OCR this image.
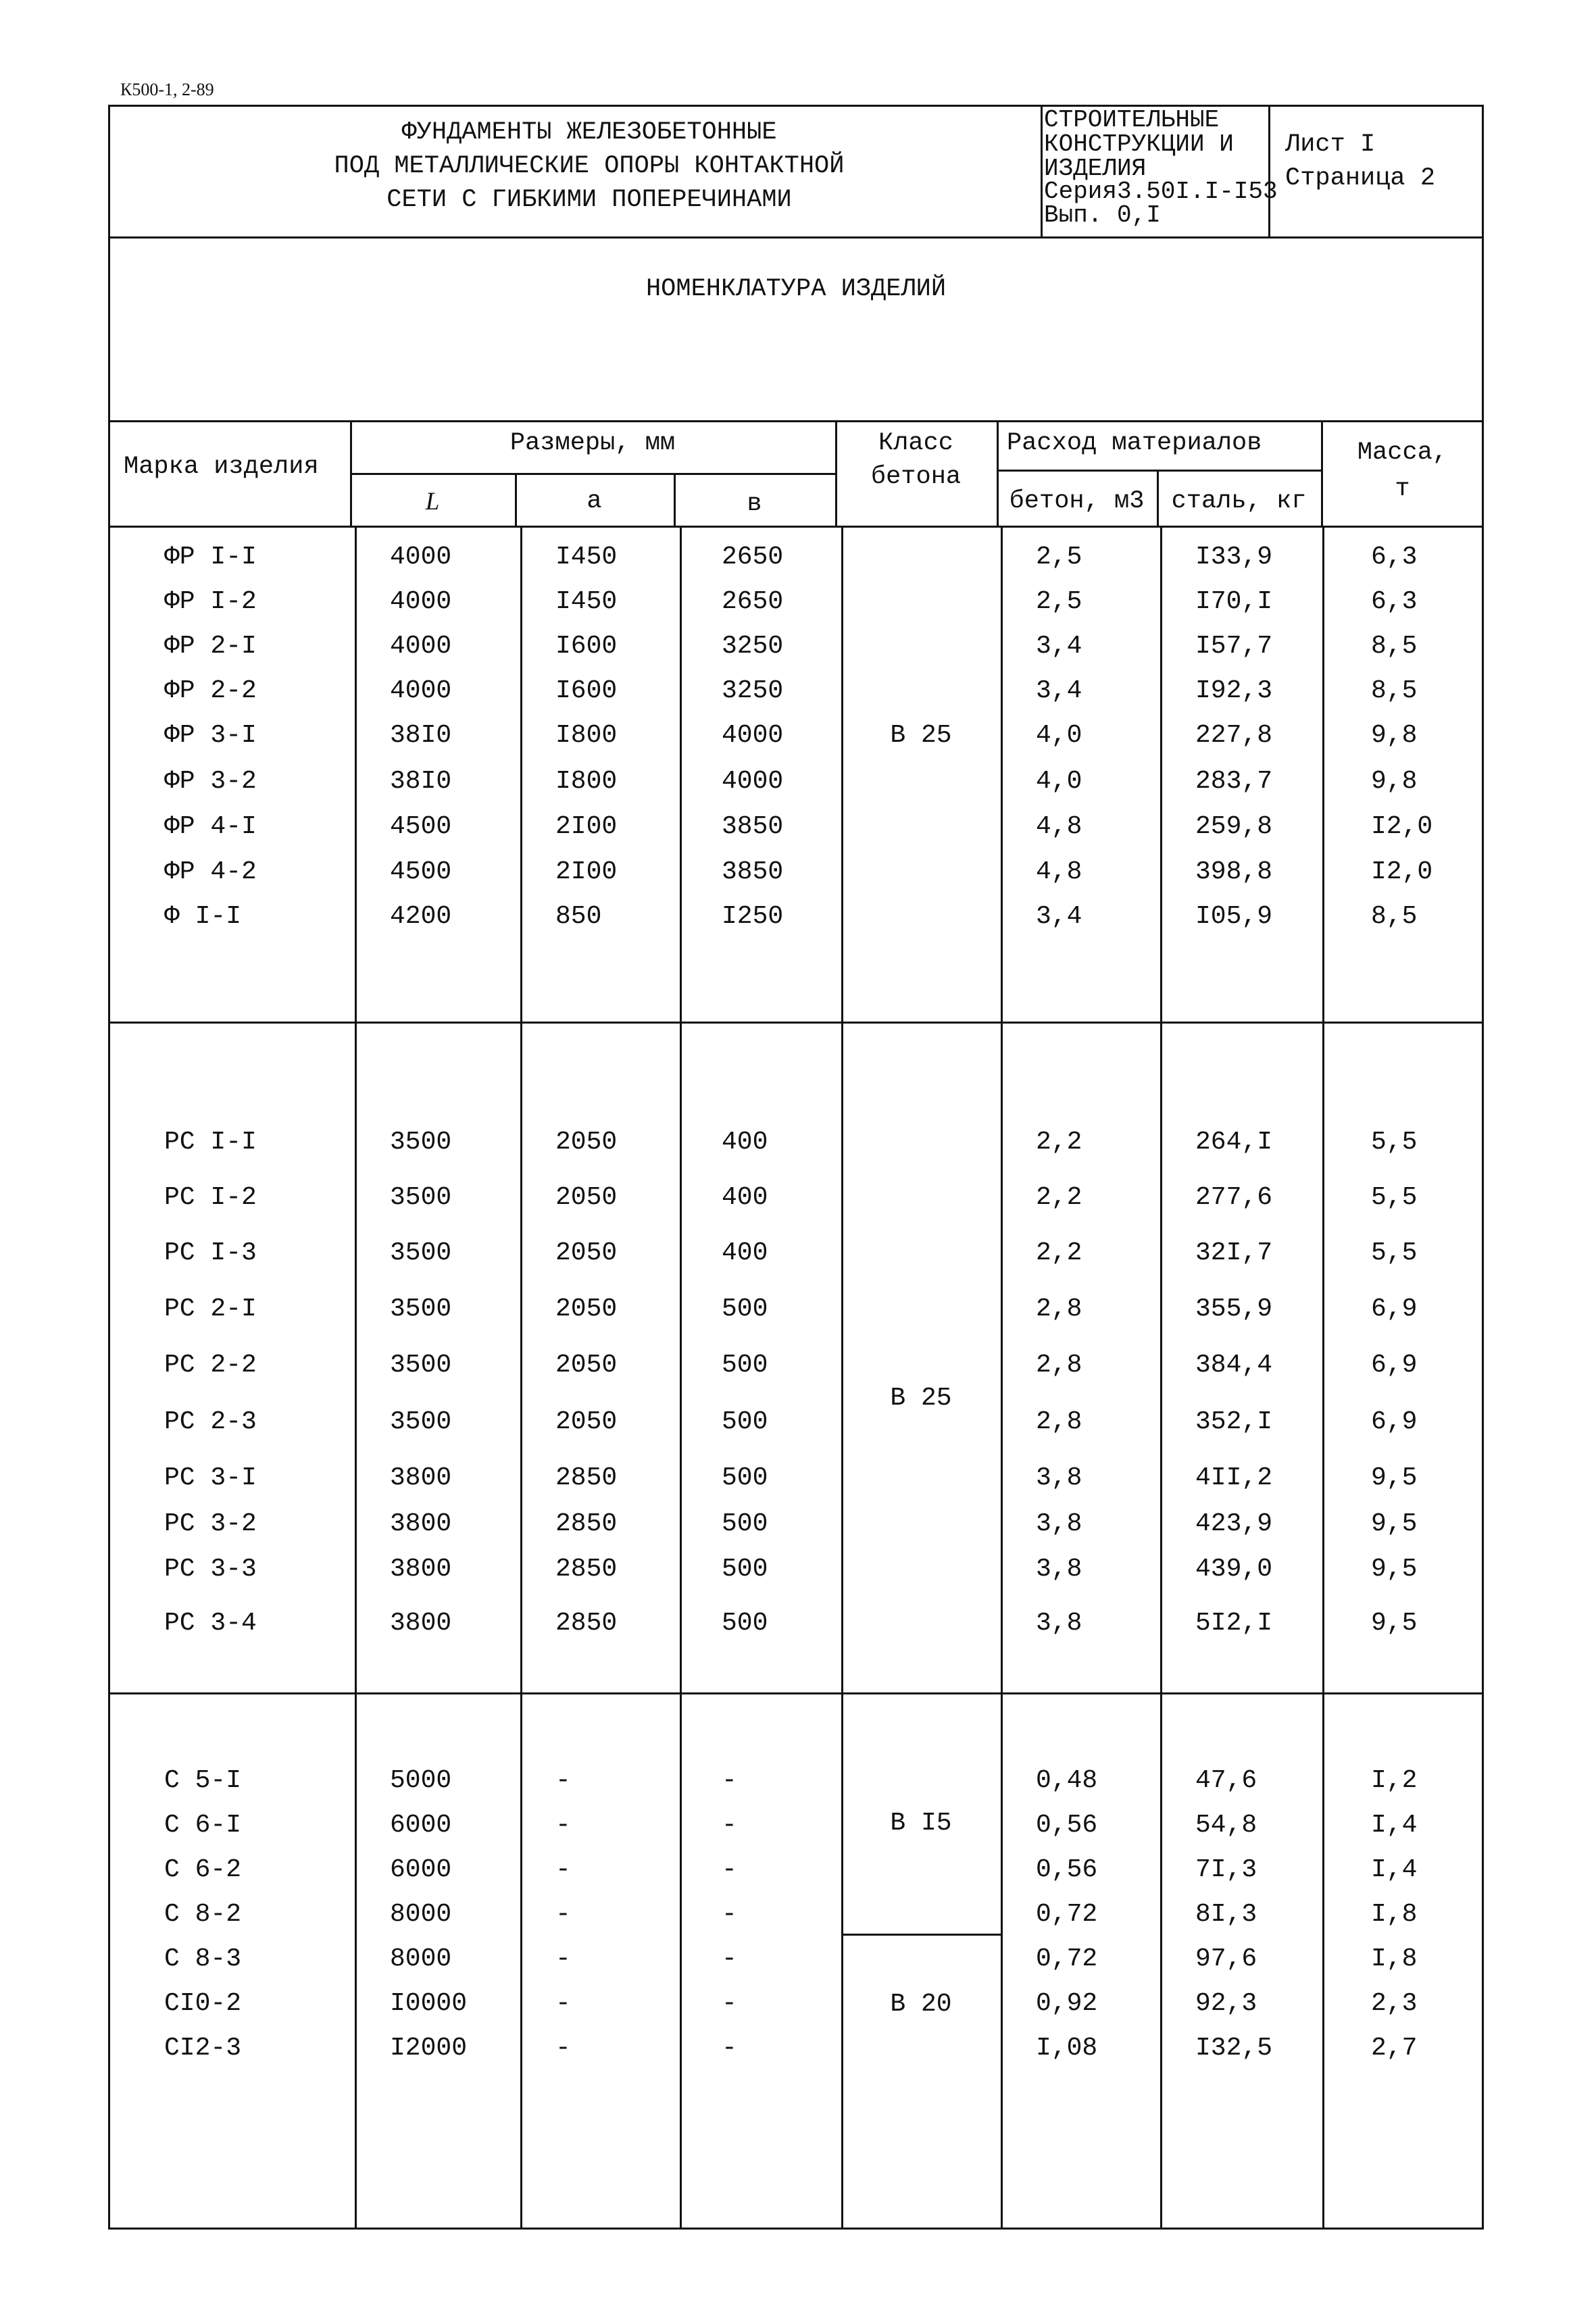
К500-1, 2-89
ФУНДАМЕНТЫ ЖЕЛЕЗОБЕТОННЫЕ
ПОД МЕТАЛЛИЧЕСКИЕ ОПОРЫ КОНТАКТНОЙ
СЕТИ С ГИБКИМИ ПОПЕРЕЧИНАМИ
СТРОИТЕЛЬНЫЕ
КОНСТРУКЦИИ И
ИЗДЕЛИЯ
Серия3.50I.I-I53
Вып. 0,I
Лист I
Страница 2
НОМЕНКЛАТУРА ИЗДЕЛИЙ
Марка изделия
Размеры, мм
L	а	в
Класс
бетона
Расход материалов
бетон, м3	сталь, кг
Масса,
т
В 25
В 25
В I5
В 20
ФР I-I	4000	I450	2650	2,5	I33,9	6,3
ФР I-2	4000	I450	2650	2,5	I70,I	6,3
ФР 2-I	4000	I600	3250	3,4	I57,7	8,5
ФР 2-2	4000	I600	3250	3,4	I92,3	8,5
ФР 3-I	38I0	I800	4000	4,0	227,8	9,8
ФР 3-2	38I0	I800	4000	4,0	283,7	9,8
ФР 4-I	4500	2I00	3850	4,8	259,8	I2,0
ФР 4-2	4500	2I00	3850	4,8	398,8	I2,0
Ф I-I	4200	850	I250	3,4	I05,9	8,5
РС I-I	3500	2050	400	2,2	264,I	5,5
РС I-2	3500	2050	400	2,2	277,6	5,5
РС I-3	3500	2050	400	2,2	32I,7	5,5
РС 2-I	3500	2050	500	2,8	355,9	6,9
РС 2-2	3500	2050	500	2,8	384,4	6,9
РС 2-3	3500	2050	500	2,8	352,I	6,9
РС 3-I	3800	2850	500	3,8	4II,2	9,5
РС 3-2	3800	2850	500	3,8	423,9	9,5
РС 3-3	3800	2850	500	3,8	439,0	9,5
РС 3-4	3800	2850	500	3,8	5I2,I	9,5
С 5-I	5000	-	-	0,48	47,6	I,2
С 6-I	6000	-	-	0,56	54,8	I,4
С 6-2	6000	-	-	0,56	7I,3	I,4
С 8-2	8000	-	-	0,72	8I,3	I,8
С 8-3	8000	-	-	0,72	97,6	I,8
СI0-2	I0000	-	-	0,92	92,3	2,3
СI2-3	I2000	-	-	I,08	I32,5	2,7
